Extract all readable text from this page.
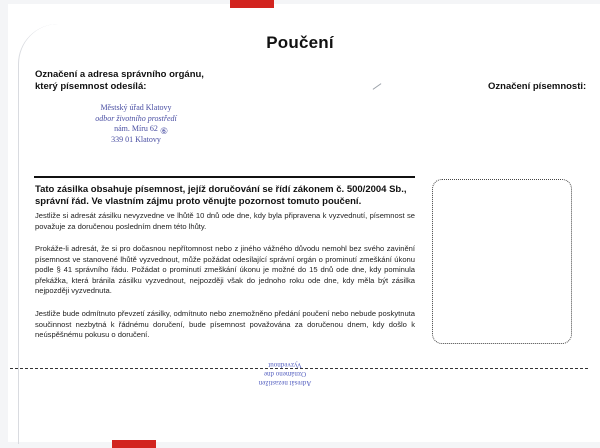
Poučení
Označení a adresa správního orgánu, který písemnost odesílá:	Označení písemnosti:
Městský úřad Klatovy
odbor životního prostředí
nám. Míru 62
339 01 Klatovy
⑥
Tato zásilka obsahuje písemnost, jejíž doručování se řídí zákonem č. 500/2004 Sb., správní řád. Ve vlastním zájmu proto věnujte pozornost tomuto poučení.
Jestliže si adresát zásilku nevyzvedne ve lhůtě 10 dnů ode dne, kdy byla připravena k vyzvednutí, písemnost se považuje za doručenou posledním dnem této lhůty.
Prokáže-li adresát, že si pro dočasnou nepřítomnost nebo z jiného vážného důvodu nemohl bez svého zavinění písemnost ve stanovené lhůtě vyzvednout, může požádat odesílající správní orgán o prominutí zmeškání úkonu podle § 41 správního řádu. Požádat o prominutí zmeškání úkonu je možné do 15 dnů ode dne, kdy pominula překážka, která bránila zásilku vyzvednout, nejpozději však do jednoho roku ode dne, kdy měla být zásilka nejpozději vyzvednuta.
Jestliže bude odmítnuto převzetí zásilky, odmítnuto nebo znemožněno předání poučení nebo nebude poskytnuta součinnost nezbytná k řádnému doručení, bude písemnost považována za doručenou dnem, kdy došlo k neúspěšnému pokusu o doručení.
Adresát nezastižen
Oznámeno dne
Vyzvednout
